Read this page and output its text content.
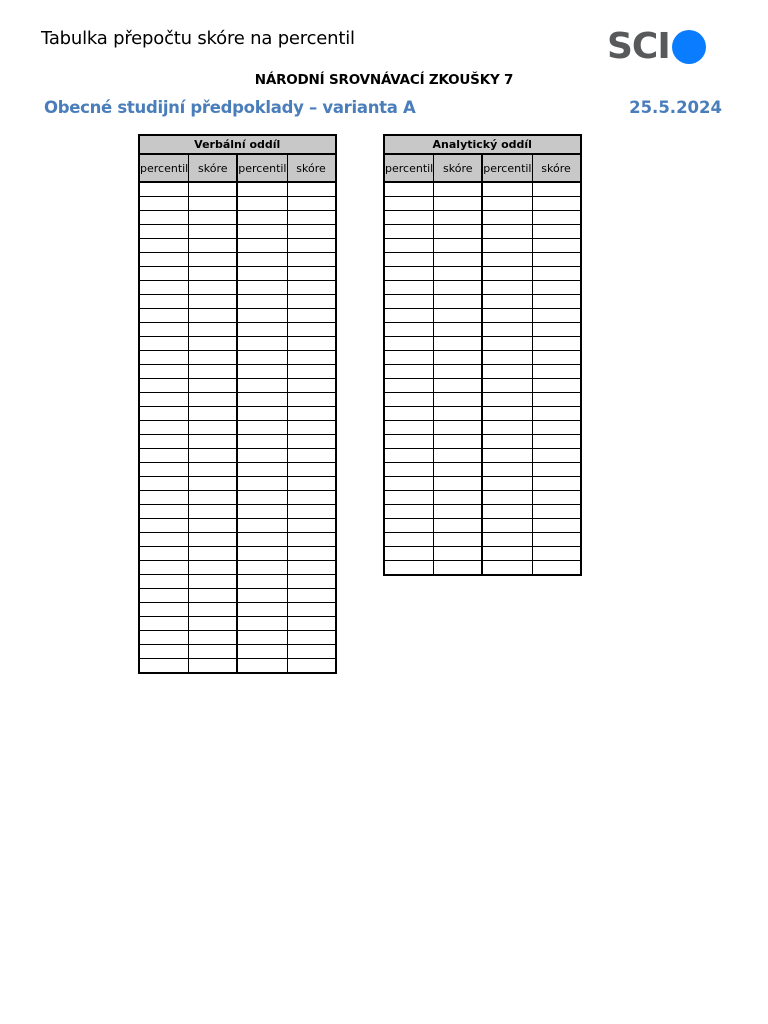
Tabulka přepočtu skóre na percentil	SCI
NÁRODNÍ SROVNÁVACÍ ZKOUŠKY 7
Obecné studijní předpoklady – varianta A	25.5.2024
Verbální oddíl			
percentil	skóre	percentil	skóre

Analytický oddíl			
percentil	skóre	percentil	skóre
